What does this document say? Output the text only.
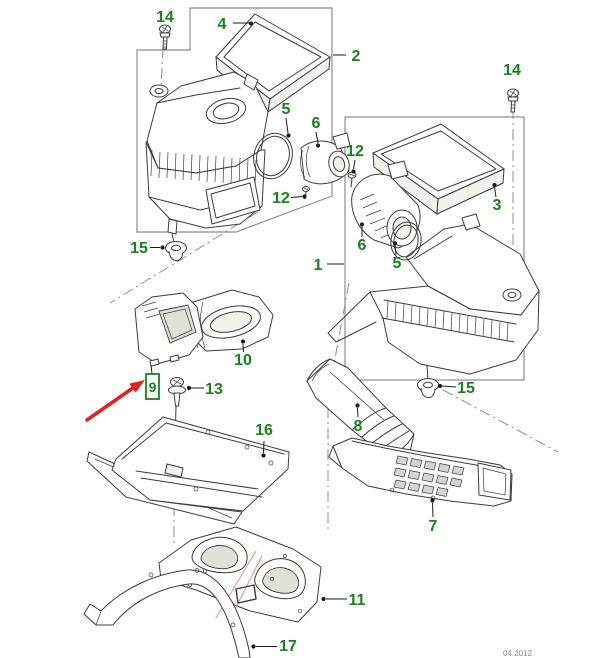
14	4
2
5
6
12
15
1
14
12
3
6
5
15
10
13
16	8
7
11
17
9
04.2012
